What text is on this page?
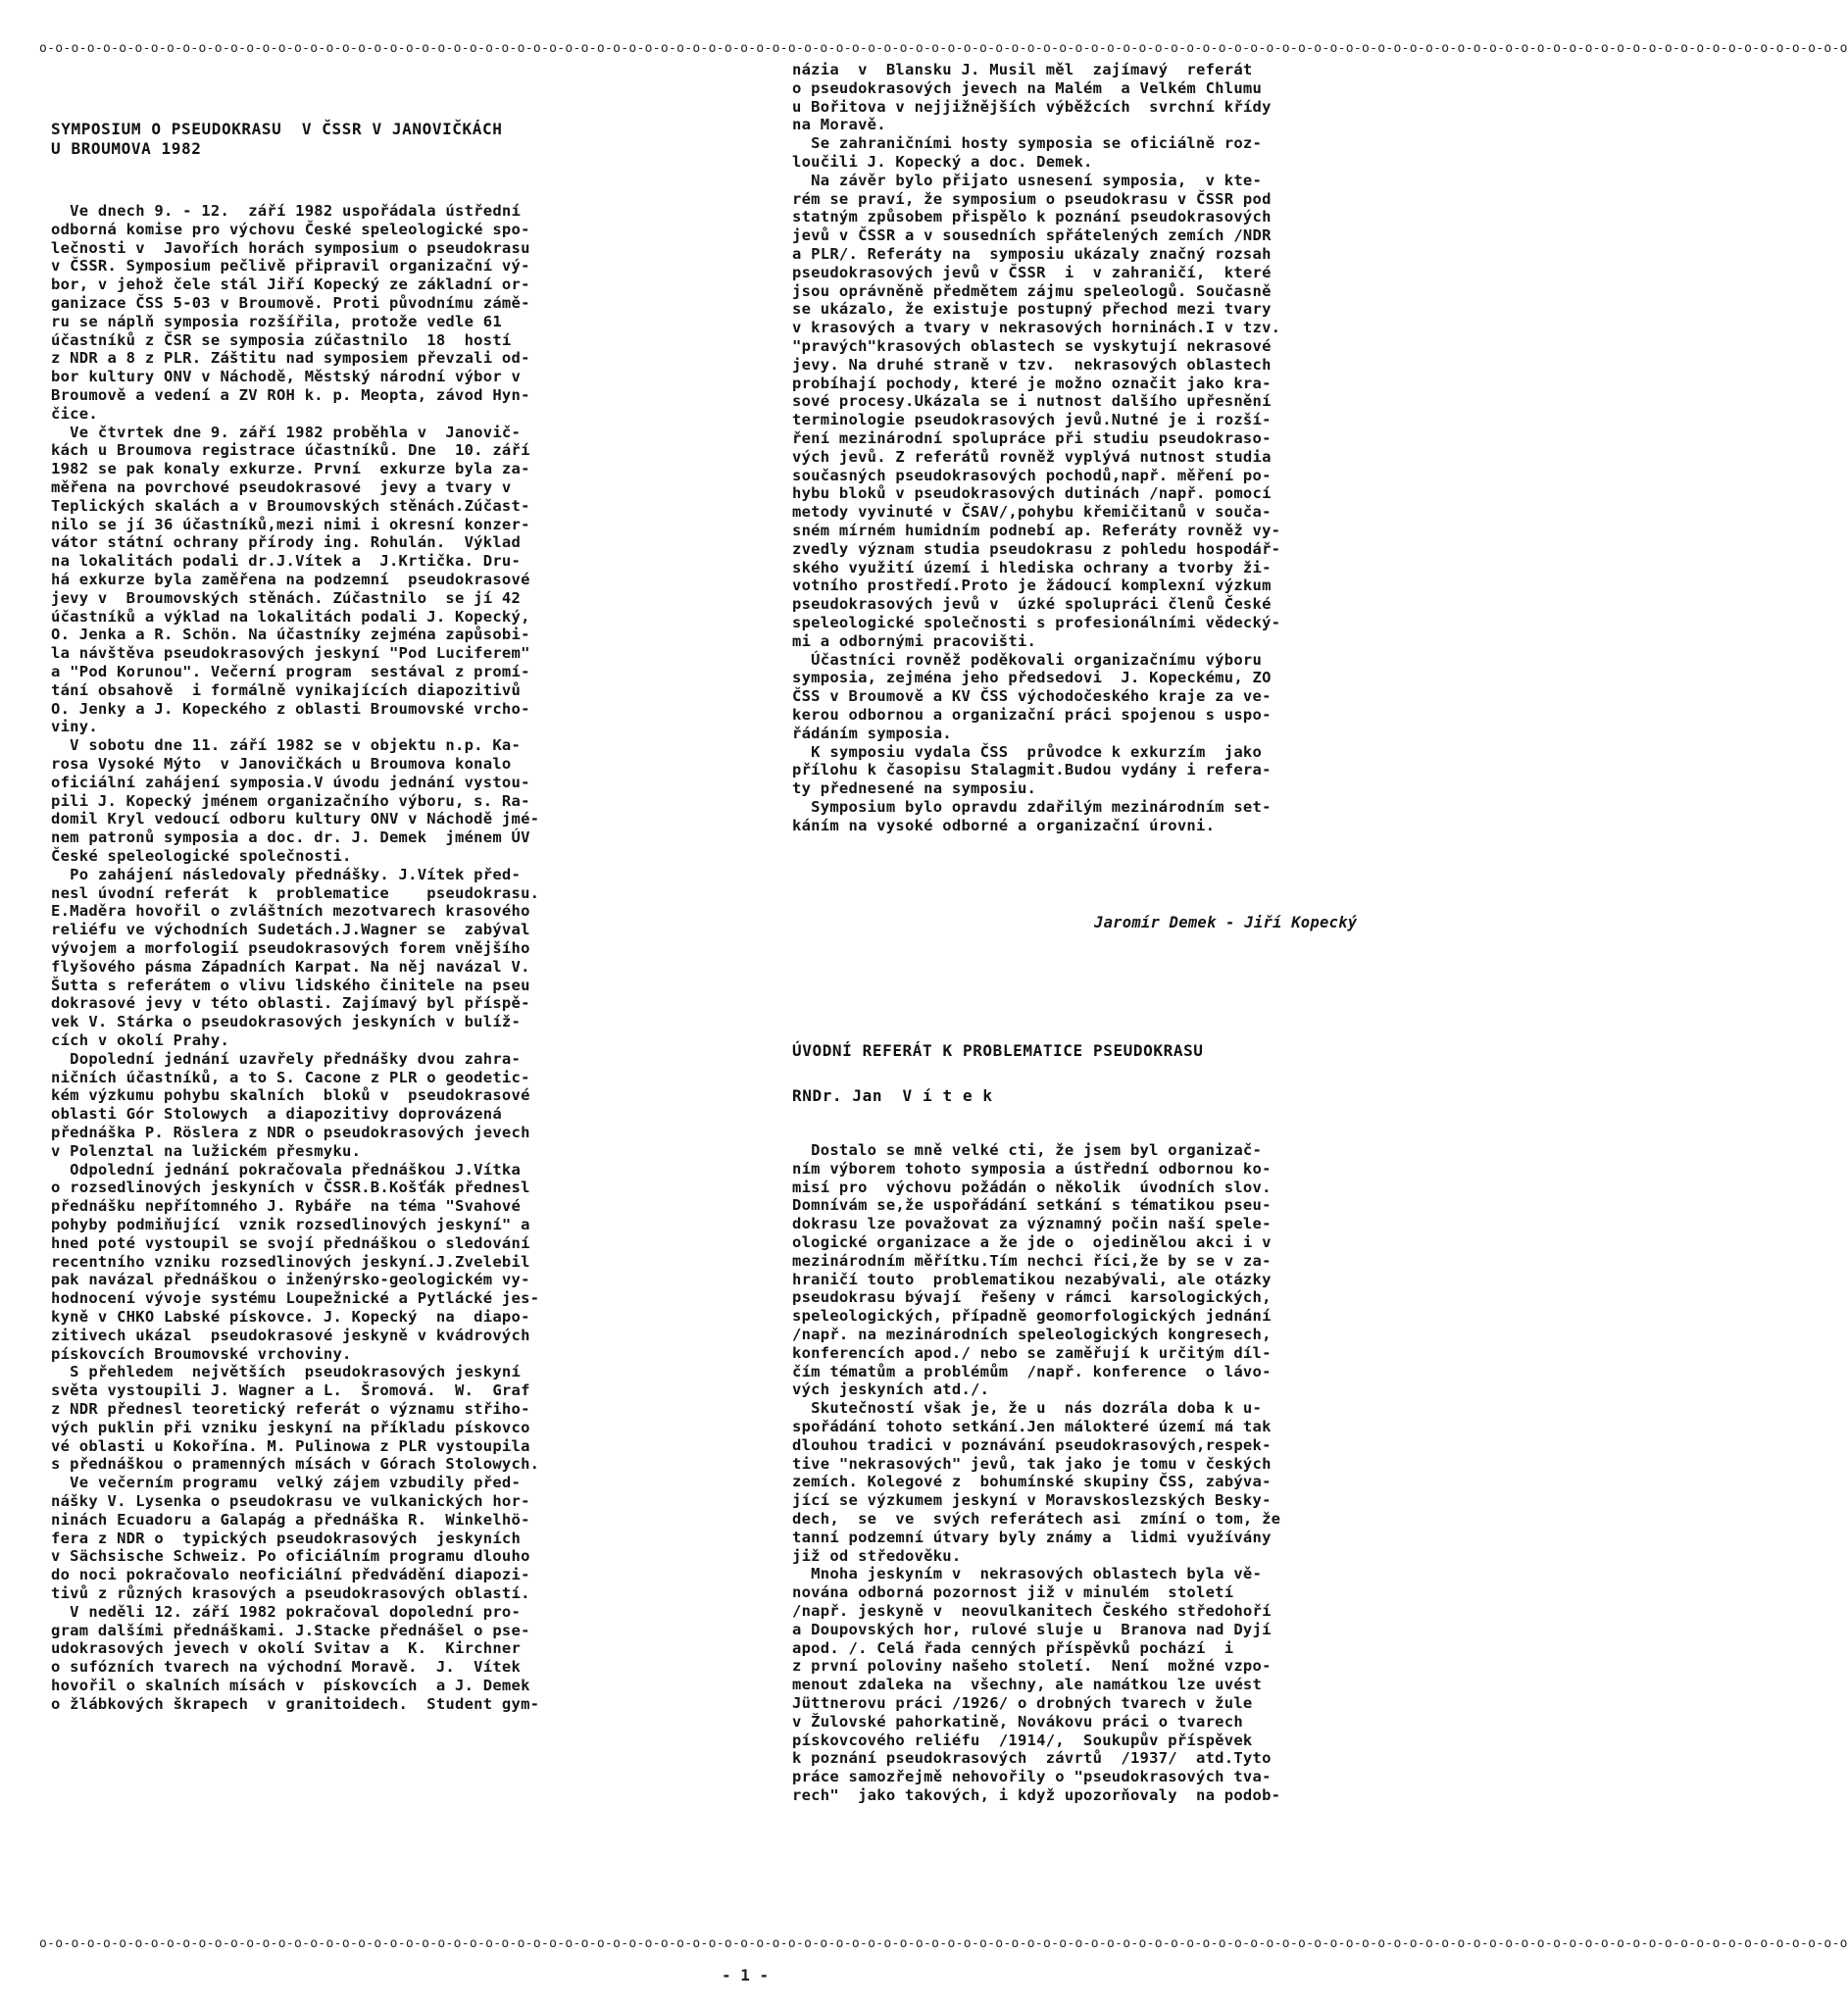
o-o-o-o-o-o-o-o-o-o-o-o-o-o-o-o-o-o-o-o-o-o-o-o-o-o-o-o-o-o-o-o-o-o-o-o-o-o-o-o-o-o-o-o-o-o-o-o-o-o-o-o-o-o-o-o-o-o-o-o-o-o-o-o-o-o-o-o-o-o-o-o-o-o-o-o-o-o-o-o-o-o-o-o-o-o-o-o-o-o-o-o-o-o-o-o-o-o-o-o-o-o-o-o-o-o-o-o-o-o-o-o-o-o
SYMPOSIUM O PSEUDOKRASU  V ČSSR V JANOVIČKÁCH
U BROUMOVA 1982
Ve dnech 9. - 12.  září 1982 uspořádala ústřední
odborná komise pro výchovu České speleologické spo-
lečnosti v  Javořích horách symposium o pseudokrasu
v ČSSR. Symposium pečlivě připravil organizační vý-
bor, v jehož čele stál Jiří Kopecký ze základní or-
ganizace ČSS 5-03 v Broumově. Proti původnímu zámě-
ru se náplň symposia rozšířila, protože vedle 61
účastníků z ČSR se symposia zúčastnilo  18  hostí
z NDR a 8 z PLR. Záštitu nad symposiem převzali od-
bor kultury ONV v Náchodě, Městský národní výbor v
Broumově a vedení a ZV ROH k. p. Meopta, závod Hyn-
čice.
Ve čtvrtek dne 9. září 1982 proběhla v  Janovič-
kách u Broumova registrace účastníků. Dne  10. září
1982 se pak konaly exkurze. První  exkurze byla za-
měřena na povrchové pseudokrasové  jevy a tvary v
Teplických skalách a v Broumovských stěnách.Zúčast-
nilo se jí 36 účastníků,mezi nimi i okresní konzer-
vátor státní ochrany přírody ing. Rohulán.  Výklad
na lokalitách podali dr.J.Vítek a  J.Krtička. Dru-
há exkurze byla zaměřena na podzemní  pseudokrasové
jevy v  Broumovských stěnách. Zúčastnilo  se jí 42
účastníků a výklad na lokalitách podali J. Kopecký,
O. Jenka a R. Schön. Na účastníky zejména zapůsobi-
la návštěva pseudokrasových jeskyní "Pod Luciferem"
a "Pod Korunou". Večerní program  sestával z promí-
tání obsahově  i formálně vynikajících diapozitivů
O. Jenky a J. Kopeckého z oblasti Broumovské vrcho-
viny.
V sobotu dne 11. září 1982 se v objektu n.p. Ka-
rosa Vysoké Mýto  v Janovičkách u Broumova konalo
oficiální zahájení symposia.V úvodu jednání vystou-
pili J. Kopecký jménem organizačního výboru, s. Ra-
domil Kryl vedoucí odboru kultury ONV v Náchodě jmé-
nem patronů symposia a doc. dr. J. Demek  jménem ÚV
České speleologické společnosti.
Po zahájení následovaly přednášky. J.Vítek před-
nesl úvodní referát  k  problematice    pseudokrasu.
E.Maděra hovořil o zvláštních mezotvarech krasového
reliéfu ve východních Sudetách.J.Wagner se  zabýval
vývojem a morfologií pseudokrasových forem vnějšího
flyšového pásma Západních Karpat. Na něj navázal V.
Šutta s referátem o vlivu lidského činitele na pseu
dokrasové jevy v této oblasti. Zajímavý byl příspě-
vek V. Stárka o pseudokrasových jeskyních v bulíž-
cích v okolí Prahy.
Dopolední jednání uzavřely přednášky dvou zahra-
ničních účastníků, a to S. Cacone z PLR o geodetic-
kém výzkumu pohybu skalních  bloků v  pseudokrasové
oblasti Gór Stolowych  a diapozitivy doprovázená
přednáška P. Röslera z NDR o pseudokrasových jevech
v Polenztal na lužickém přesmyku.
Odpolední jednání pokračovala přednáškou J.Vítka
o rozsedlinových jeskyních v ČSSR.B.Košťák přednesl
přednášku nepřítomného J. Rybáře  na téma "Svahové
pohyby podmiňující  vznik rozsedlinových jeskyní" a
hned poté vystoupil se svojí přednáškou o sledování
recentního vzniku rozsedlinových jeskyní.J.Zvelebil
pak navázal přednáškou o inženýrsko-geologickém vy-
hodnocení vývoje systému Loupežnické a Pytlácké jes-
kyně v CHKO Labské pískovce. J. Kopecký  na  diapo-
zitivech ukázal  pseudokrasové jeskyně v kvádrových
pískovcích Broumovské vrchoviny.
S přehledem  největších  pseudokrasových jeskyní
světa vystoupili J. Wagner a L.  Šromová.  W.  Graf
z NDR přednesl teoretický referát o významu střiho-
vých puklin při vzniku jeskyní na příkladu pískovco
vé oblasti u Kokořína. M. Pulinowa z PLR vystoupila
s přednáškou o pramenných mísách v Górach Stolowych.
Ve večerním programu  velký zájem vzbudily před-
nášky V. Lysenka o pseudokrasu ve vulkanických hor-
ninách Ecuadoru a Galapág a přednáška R.  Winkelhö-
fera z NDR o  typických pseudokrasových  jeskyních
v Sächsische Schweiz. Po oficiálním programu dlouho
do noci pokračovalo neoficiální předvádění diapozi-
tivů z různých krasových a pseudokrasových oblastí.
V neděli 12. září 1982 pokračoval dopolední pro-
gram dalšími přednáškami. J.Stacke přednášel o pse-
udokrasových jevech v okolí Svitav a  K.  Kirchner
o sufózních tvarech na východní Moravě.  J.  Vítek
hovořil o skalních mísách v  pískovcích  a J. Demek
o žlábkových škrapech  v granitoidech.  Student gym-
názia  v  Blansku J. Musil měl  zajímavý  referát
o pseudokrasových jevech na Malém  a Velkém Chlumu
u Bořitova v nejjižnějších výběžcích  svrchní křídy
na Moravě.
Se zahraničními hosty symposia se oficiálně roz-
loučili J. Kopecký a doc. Demek.
Na závěr bylo přijato usnesení symposia,  v kte-
rém se praví, že symposium o pseudokrasu v ČSSR pod
statným způsobem přispělo k poznání pseudokrasových
jevů v ČSSR a v sousedních spřátelených zemích /NDR
a PLR/. Referáty na  symposiu ukázaly značný rozsah
pseudokrasových jevů v ČSSR  i  v zahraničí,  které
jsou oprávněně předmětem zájmu speleologů. Současně
se ukázalo, že existuje postupný přechod mezi tvary
v krasových a tvary v nekrasových horninách.I v tzv.
"pravých"krasových oblastech se vyskytují nekrasové
jevy. Na druhé straně v tzv.  nekrasových oblastech
probíhají pochody, které je možno označit jako kra-
sové procesy.Ukázala se i nutnost dalšího upřesnění
terminologie pseudokrasových jevů.Nutné je i rozší-
ření mezinárodní spolupráce při studiu pseudokraso-
vých jevů. Z referátů rovněž vyplývá nutnost studia
současných pseudokrasových pochodů,např. měření po-
hybu bloků v pseudokrasových dutinách /např. pomocí
metody vyvinuté v ČSAV/,pohybu křemičitanů v souča-
sném mírném humidním podnebí ap. Referáty rovněž vy-
zvedly význam studia pseudokrasu z pohledu hospodář-
ského využití území i hlediska ochrany a tvorby ži-
votního prostředí.Proto je žádoucí komplexní výzkum
pseudokrasových jevů v  úzké spolupráci členů České
speleologické společnosti s profesionálními vědecký-
mi a odbornými pracovišti.
Účastníci rovněž poděkovali organizačnímu výboru
symposia, zejména jeho předsedovi  J. Kopeckému, ZO
ČSS v Broumově a KV ČSS východočeského kraje za ve-
kerou odbornou a organizační práci spojenou s uspo-
řádáním symposia.
K symposiu vydala ČSS  průvodce k exkurzím  jako
přílohu k časopisu Stalagmit.Budou vydány i refera-
ty přednesené na symposiu.
Symposium bylo opravdu zdařilým mezinárodním set-
káním na vysoké odborné a organizační úrovni.
Jaromír Demek - Jiří Kopecký
ÚVODNÍ REFERÁT K PROBLEMATICE PSEUDOKRASU
RNDr. Jan  V í t e k
Dostalo se mně velké cti, že jsem byl organizač-
ním výborem tohoto symposia a ústřední odbornou ko-
misí pro  výchovu požádán o několik  úvodních slov.
Domnívám se,že uspořádání setkání s tématikou pseu-
dokrasu lze považovat za významný počin naší spele-
ologické organizace a že jde o  ojedinělou akci i v
mezinárodním měřítku.Tím nechci říci,že by se v za-
hraničí touto  problematikou nezabývali, ale otázky
pseudokrasu bývají  řešeny v rámci  karsologických,
speleologických, případně geomorfologických jednání
/např. na mezinárodních speleologických kongresech,
konferencích apod./ nebo se zaměřují k určitým díl-
čím tématům a problémům  /např. konference  o lávo-
vých jeskyních atd./.
Skutečností však je, že u  nás dozrála doba k u-
spořádání tohoto setkání.Jen málokteré území má tak
dlouhou tradici v poznávání pseudokrasových,respek-
tive "nekrasových" jevů, tak jako je tomu v českých
zemích. Kolegové z  bohumínské skupiny ČSS, zabýva-
jící se výzkumem jeskyní v Moravskoslezských Besky-
dech,  se  ve  svých referátech asi  zmíní o tom, že
tanní podzemní útvary byly známy a  lidmi využívány
již od středověku.
Mnoha jeskyním v  nekrasových oblastech byla vě-
nována odborná pozornost již v minulém  století
/např. jeskyně v  neovulkanitech Českého středohoří
a Doupovských hor, rulové sluje u  Branova nad Dyjí
apod. /. Celá řada cenných příspěvků pochází  i
z první poloviny našeho století.  Není  možné vzpo-
menout zdaleka na  všechny, ale namátkou lze uvést
Jüttnerovu práci /1926/ o drobných tvarech v žule
v Žulovské pahorkatině, Novákovu práci o tvarech
pískovcového reliéfu  /1914/,  Soukupův příspěvek
k poznání pseudokrasových  závrtů  /1937/  atd.Tyto
práce samozřejmě nehovořily o "pseudokrasových tva-
rech"  jako takových, i když upozorňovaly  na podob-
o-o-o-o-o-o-o-o-o-o-o-o-o-o-o-o-o-o-o-o-o-o-o-o-o-o-o-o-o-o-o-o-o-o-o-o-o-o-o-o-o-o-o-o-o-o-o-o-o-o-o-o-o-o-o-o-o-o-o-o-o-o-o-o-o-o-o-o-o-o-o-o-o-o-o-o-o-o-o-o-o-o-o-o-o-o-o-o-o-o-o-o-o-o-o-o-o-o-o-o-o-o-o-o-o-o-o-o-o-o-o-o-o-o
- 1 -
